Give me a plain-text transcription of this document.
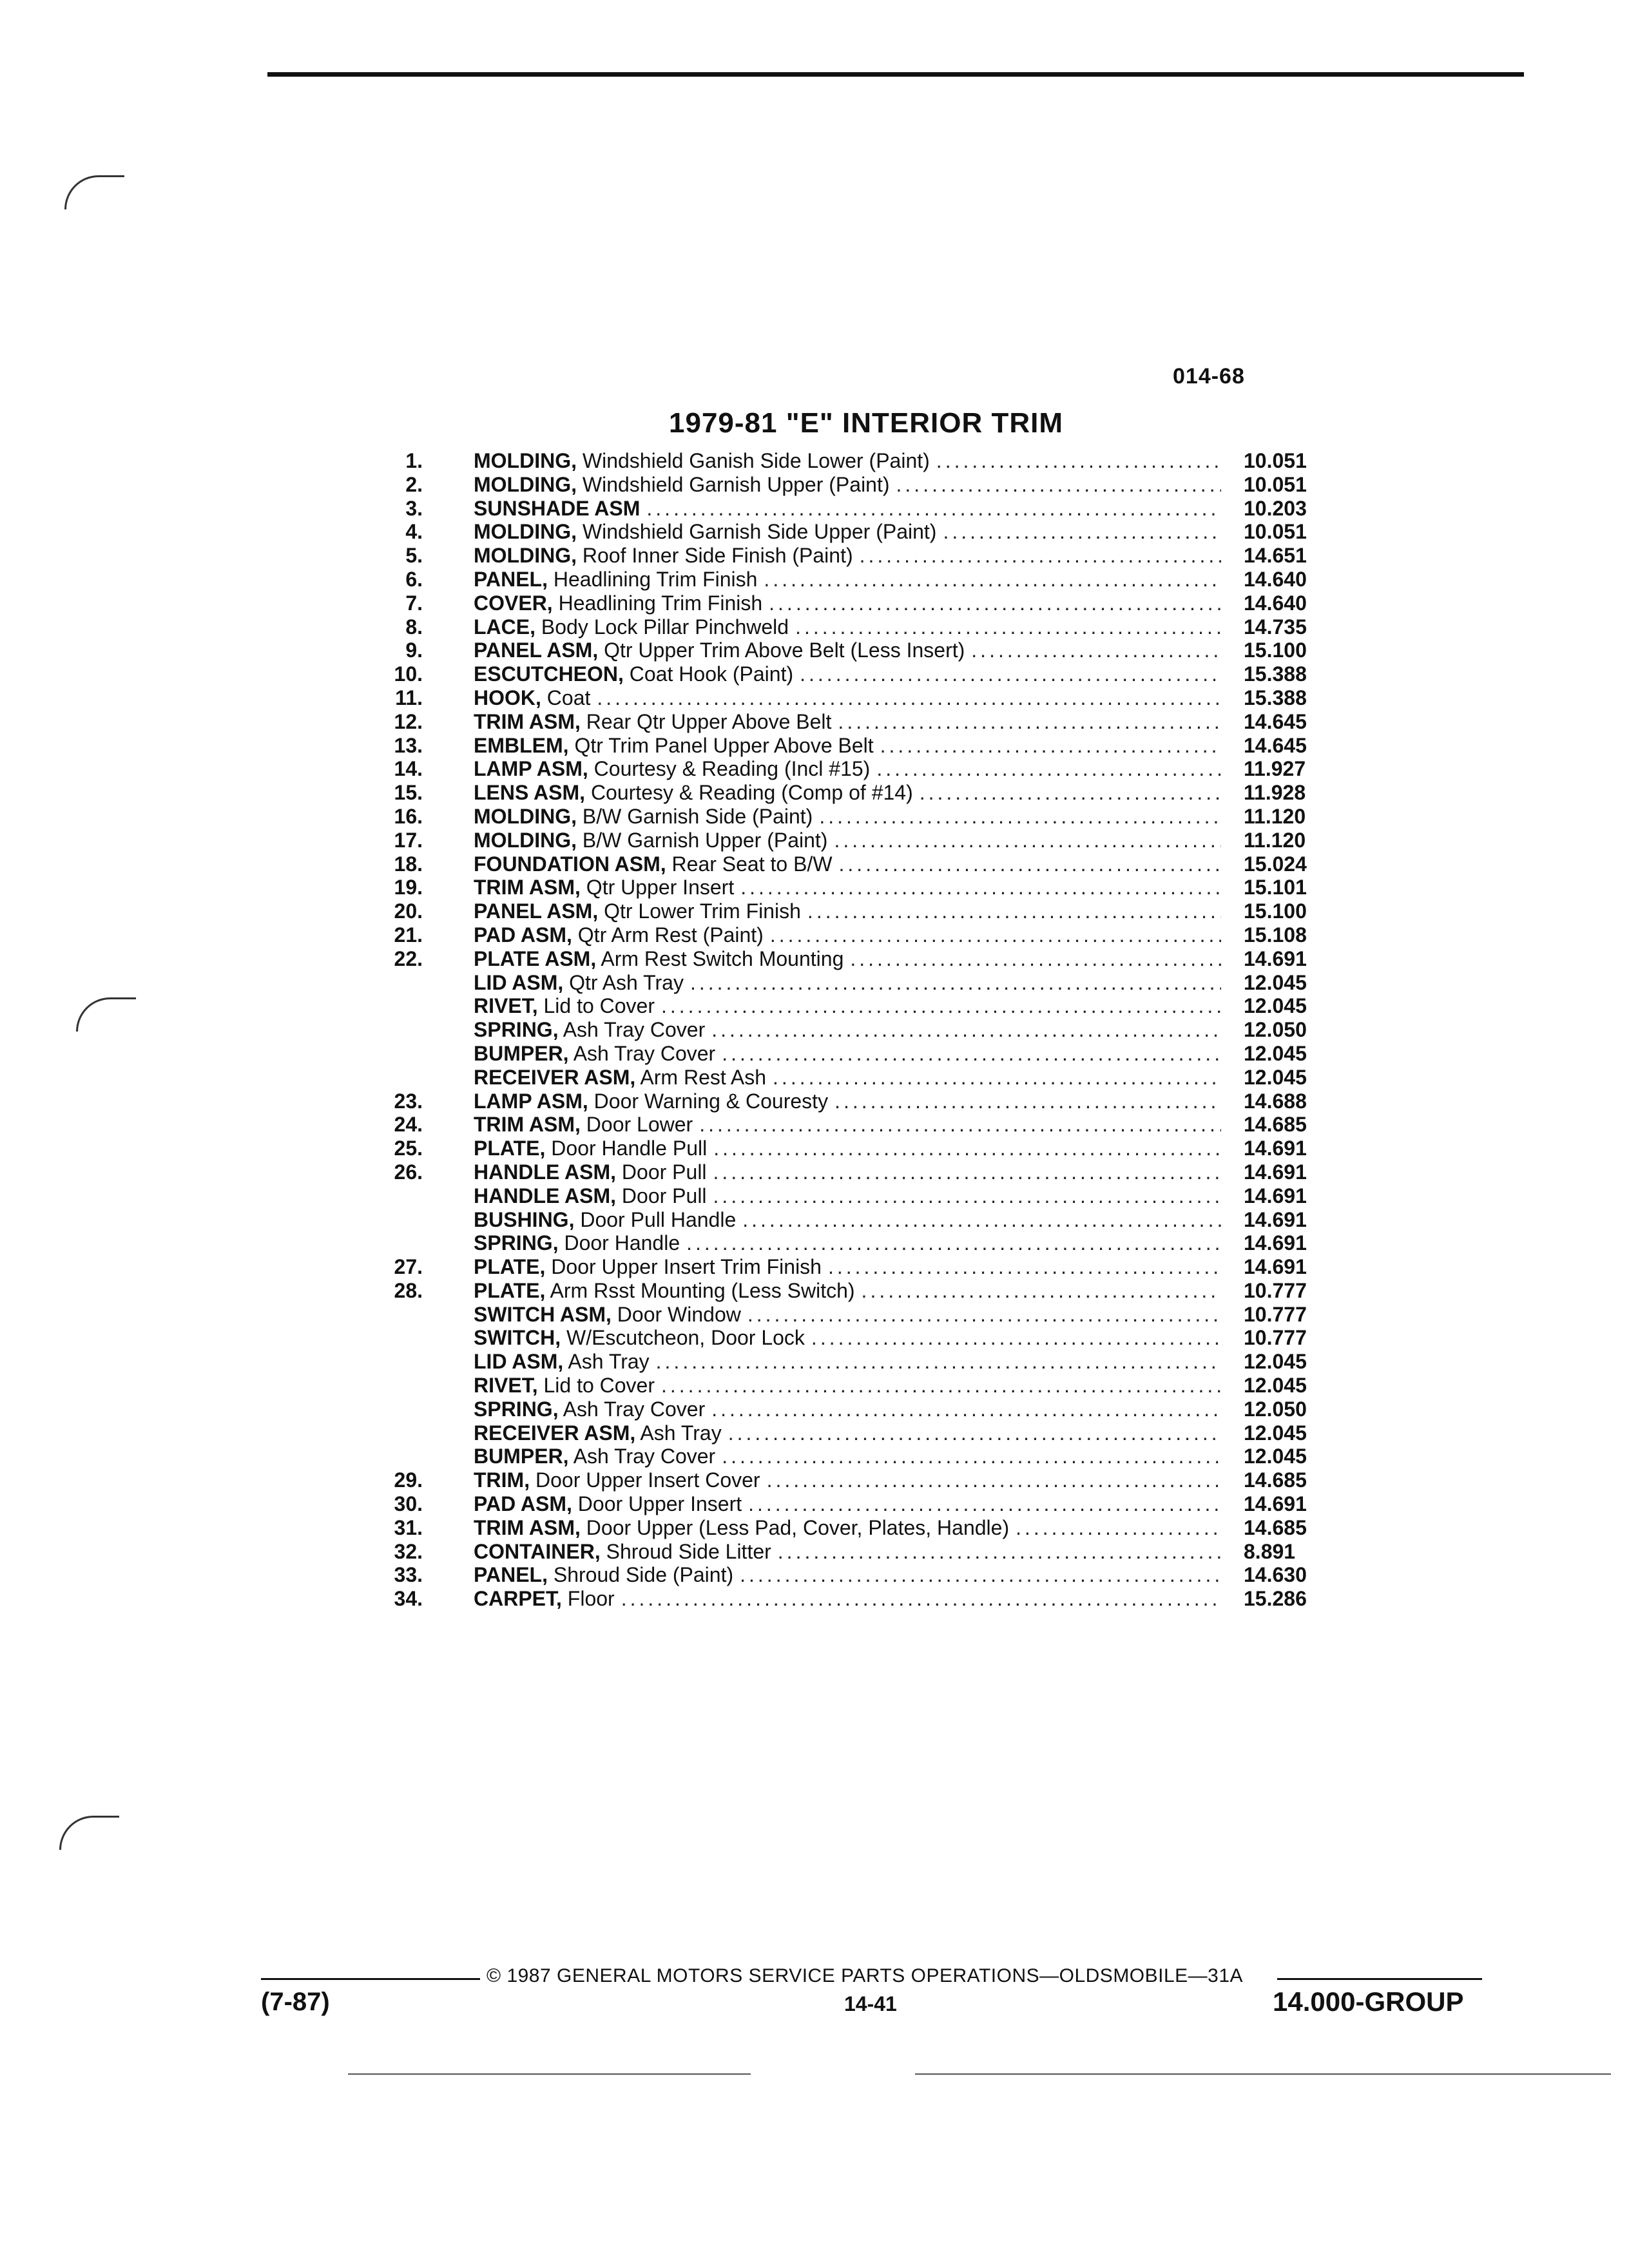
014-68
1979-81 "E" INTERIOR TRIM
1. MOLDING, Windshield Ganish Side Lower (Paint) .....	10.051
2. MOLDING, Windshield Garnish Upper (Paint) .....	10.051
3. SUNSHADE ASM .....	10.203
4. MOLDING, Windshield Garnish Side Upper (Paint) .....	10.051
5. MOLDING, Roof Inner Side Finish (Paint) .....	14.651
6. PANEL, Headlining Trim Finish .....	14.640
7. COVER, Headlining Trim Finish .....	14.640
8. LACE, Body Lock Pillar Pinchweld .....	14.735
9. PANEL ASM, Qtr Upper Trim Above Belt (Less Insert) .....	15.100
10. ESCUTCHEON, Coat Hook (Paint) .....	15.388
11. HOOK, Coat .....	15.388
12. TRIM ASM, Rear Qtr Upper Above Belt .....	14.645
13. EMBLEM, Qtr Trim Panel Upper Above Belt .....	14.645
14. LAMP ASM, Courtesy & Reading (Incl #15) .....	11.927
15. LENS ASM, Courtesy & Reading (Comp of #14) .....	11.928
16. MOLDING, B/W Garnish Side (Paint) .....	11.120
17. MOLDING, B/W Garnish Upper (Paint) .....	11.120
18. FOUNDATION ASM, Rear Seat to B/W .....	15.024
19. TRIM ASM, Qtr Upper Insert .....	15.101
20. PANEL ASM, Qtr Lower Trim Finish .....	15.100
21. PAD ASM, Qtr Arm Rest (Paint) .....	15.108
22. PLATE ASM, Arm Rest Switch Mounting .....	14.691
LID ASM, Qtr Ash Tray .....	12.045
RIVET, Lid to Cover .....	12.045
SPRING, Ash Tray Cover .....	12.050
BUMPER, Ash Tray Cover .....	12.045
RECEIVER ASM, Arm Rest Ash .....	12.045
23. LAMP ASM, Door Warning & Couresty .....	14.688
24. TRIM ASM, Door Lower .....	14.685
25. PLATE, Door Handle Pull .....	14.691
26. HANDLE ASM, Door Pull .....	14.691
HANDLE ASM, Door Pull .....	14.691
BUSHING, Door Pull Handle .....	14.691
SPRING, Door Handle .....	14.691
27. PLATE, Door Upper Insert Trim Finish .....	14.691
28. PLATE, Arm Rsst Mounting (Less Switch) .....	10.777
SWITCH ASM, Door Window .....	10.777
SWITCH, W/Escutcheon, Door Lock .....	10.777
LID ASM, Ash Tray .....	12.045
RIVET, Lid to Cover .....	12.045
SPRING, Ash Tray Cover .....	12.050
RECEIVER ASM, Ash Tray .....	12.045
BUMPER, Ash Tray Cover .....	12.045
29. TRIM, Door Upper Insert Cover .....	14.685
30. PAD ASM, Door Upper Insert .....	14.691
31. TRIM ASM, Door Upper (Less Pad, Cover, Plates, Handle) .....	14.685
32. CONTAINER, Shroud Side Litter .....	8.891
33. PANEL, Shroud Side (Paint) .....	14.630
34. CARPET, Floor .....	15.286
© 1987 GENERAL MOTORS SERVICE PARTS OPERATIONS—OLDSMOBILE—31A
(7-87)	14-41	14.000-GROUP
